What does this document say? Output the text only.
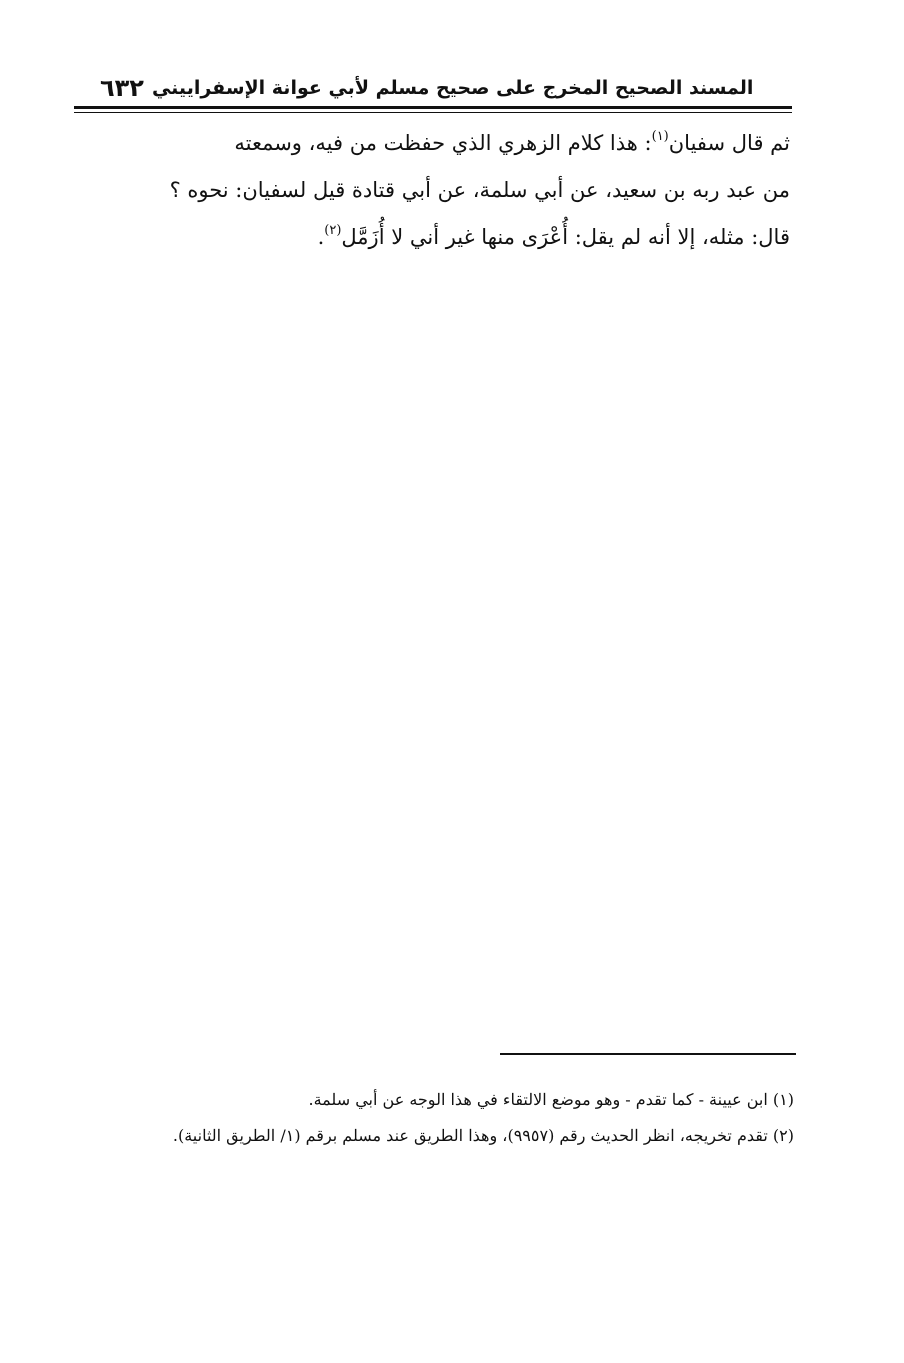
٦٣٢ المسند الصحيح المخرج على صحيح مسلم لأبي عوانة الإسفراييني

ثم قال سفيان$^{(١)}$: هذا كلام الزهري الذي حفظت من فيه، وسمعته

من عبد ربه بن سعيد، عن أبي سلمة، عن أبي قتادة قيل لسفيان: نحوه ؟

قال: مثله، إلا أنه لم يقل: أُعْرَى منها غير أني لا أُزَمَّل$^{(٢)}$.

(١) ابن عيينة - كما تقدم - وهو موضع الالتقاء في هذا الوجه عن أبي سلمة.

(٢) تقدم تخريجه، انظر الحديث رقم (٩٩٥٧)، وهذا الطريق عند مسلم برقم (١/ الطريق الثانية).
